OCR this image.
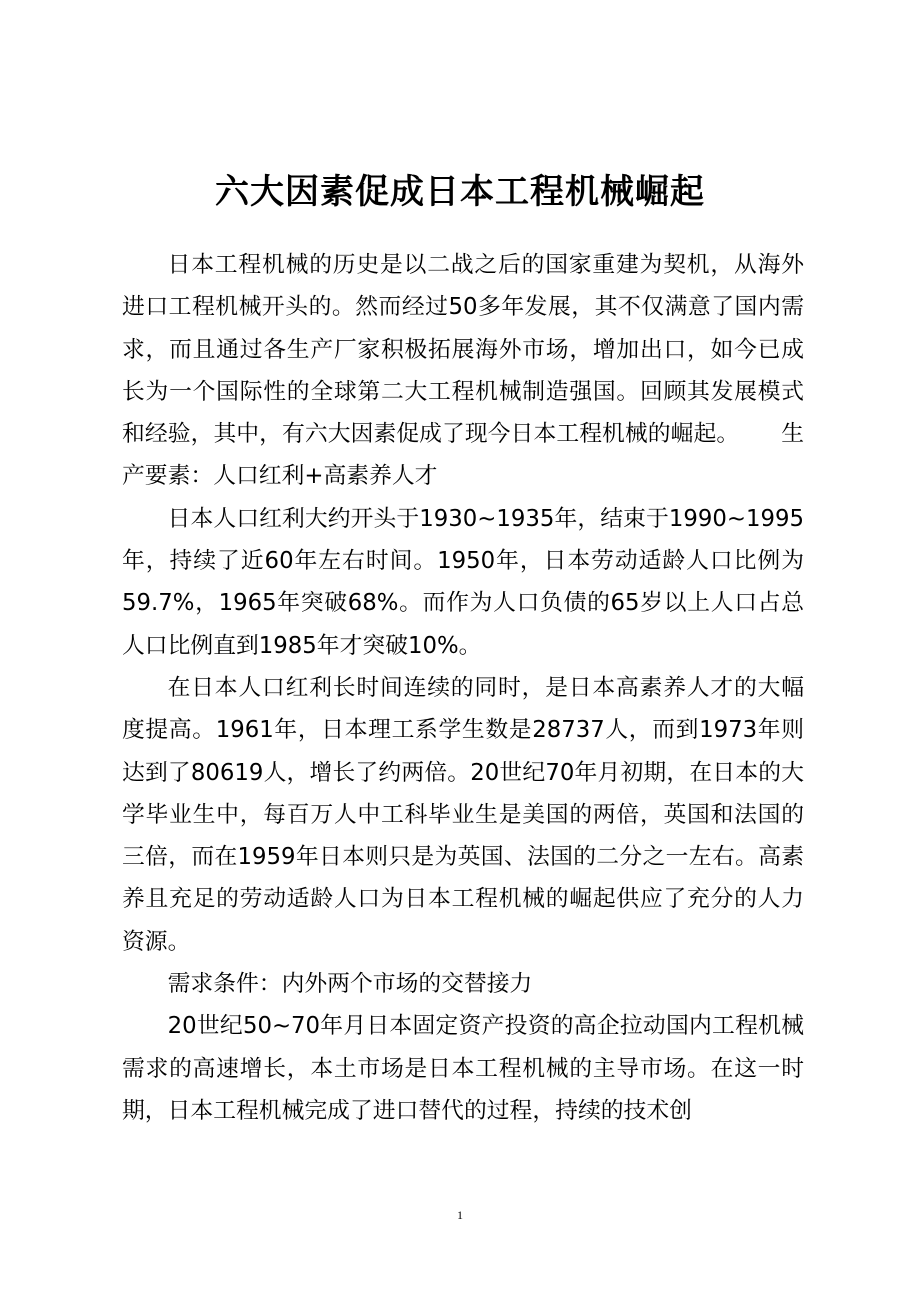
六大因素促成日本工程机械崛起

日本工程机械的历史是以二战之后的国家重建为契机，从海外进口工程机械开头的。然而经过50多年发展，其不仅满意了国内需求，而且通过各生产厂家积极拓展海外市场，增加出口，如今已成长为一个国际性的全球第二大工程机械制造强国。回顾其发展模式和经验，其中，有六大因素促成了现今日本工程机械的崛起。 生产要素：人口红利+高素养人才

日本人口红利大约开头于1930~1935年，结束于1990~1995年，持续了近60年左右时间。1950年，日本劳动适龄人口比例为59.7%，1965年突破68%。而作为人口负债的65岁以上人口占总人口比例直到1985年才突破10%。

在日本人口红利长时间连续的同时，是日本高素养人才的大幅度提高。1961年，日本理工系学生数是28737人，而到1973年则达到了80619人，增长了约两倍。20世纪70年月初期，在日本的大学毕业生中，每百万人中工科毕业生是美国的两倍，英国和法国的三倍，而在1959年日本则只是为英国、法国的二分之一左右。高素养且充足的劳动适龄人口为日本工程机械的崛起供应了充分的人力资源。

需求条件：内外两个市场的交替接力

20世纪50~70年月日本固定资产投资的高企拉动国内工程机械需求的高速增长，本土市场是日本工程机械的主导市场。在这一时期，日本工程机械完成了进口替代的过程，持续的技术创

1
